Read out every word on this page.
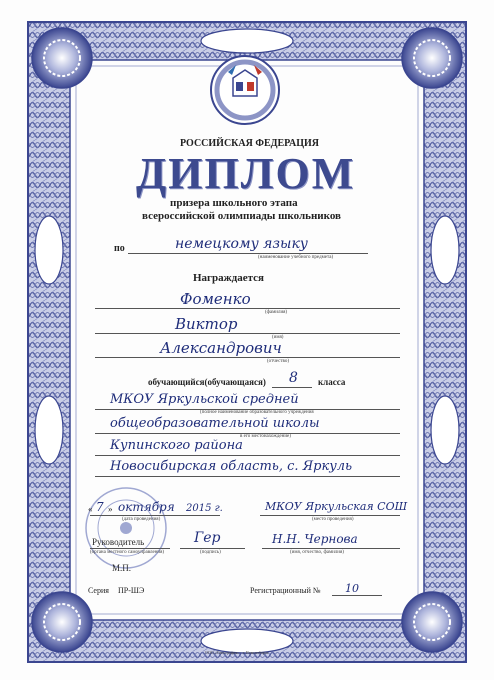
РОССИЙСКАЯ ФЕДЕРАЦИЯ
ДИПЛОМ
призера школьного этапа
всероссийской олимпиады школьников
по	немецкому языку
(наименование учебного предмета)
Награждается
Фоменко
(фамилия)
Виктор
(имя)
Александрович
(отчество)
обучающийся(обучающаяся) 8 класса
МКОУ Яркульской средней
(полное наименование образовательного учреждения
общеобразовательной школы
в его местонахождение)
Купинского района
Новосибирская область, с. Яркуль
« 7 » октября 2015 г.
(дата проведения)
МКОУ Яркульская СОШ
(место проведения)
Руководитель
(органа местного самоуправления)
Гер
(подпись)
Н.Н. Чернова
(имя, отчество, фамилия)
М.П.
Серия ПР-ШЭ	Регистрационный № 10
ООО «Типография» · г. Новосибирск
